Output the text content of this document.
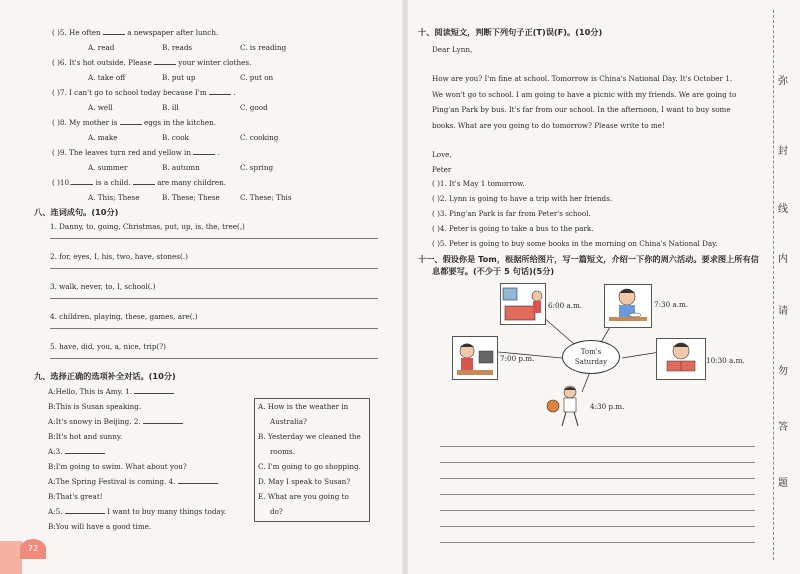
( )5. He often	a newspaper after lunch.
A. read	B. reads	C. is reading
( )6. It's hot outside. Please	your winter clothes.
A. take off	B. put up	C. put on
( )7. I can't go to school today because I'm	.
A. well	B. ill	C. good
( )8. My mother is	eggs in the kitchen.
A. make	B. cook	C. cooking
( )9. The leaves turn red and yellow in	.
A. summer	B. autumn	C. spring
( )10.	is a child.	are many children.
A. This; These	B. These; These	C. These; This
八、连词成句。(10分)
1. Danny, to, going, Christmas, put, up, is, the, tree(,)
2. for, eyes, I, his, two, have, stones(.)
3. walk, never, to, I, school(.)
4. children, playing, these, games, are(.)
5. have, did, you, a, nice, trip(?)
九、选择正确的选项补全对话。(10分)
A:Hello, This is Amy. 1.
B:This is Susan speaking.
A:It's snowy in Beijing. 2.
B:It's hot and sunny.
A:3.
B:I'm going to swim. What about you?
A:The Spring Festival is coming. 4.
B:That's great!
A:5.	I want to buy many things today.
B:You will have a good time.
A. How is the weather in
Australia?
B. Yesterday we cleaned the
rooms.
C. I'm going to go shopping.
D. May I speak to Susan?
E. What are you going to
do?
72
十、阅读短文，判断下列句子正(T)误(F)。(10分)
Dear Lynn,
How are you? I'm fine at school. Tomorrow is China's National Day. It's October 1.
We won't go to school. I am going to have a picnic with my friends. We are going to
Ping'an Park by bus. It's far from our school. In the afternoon, I want to buy some
books. What are you going to do tomorrow? Please write to me!
Love,
Peter
( )1. It's May 1 tomorrow.
( )2. Lynn is going to have a trip with her friends.
( )3. Ping'an Park is far from Peter's school.
( )4. Peter is going to take a bus to the park.
( )5. Peter is going to buy some books in the morning on China's National Day.
十一、假设你是 Tom，根据所给图片，写一篇短文，介绍一下你的周六活动。要求图上所有信
息都要写。(不少于 5 句话)(5分)
Tom's
Saturday
6:00 a.m.	7:30 a.m.
10:30 a.m.
4:30 p.m.
7:00 p.m.
弥
封
线
内
请
勿
答
题
